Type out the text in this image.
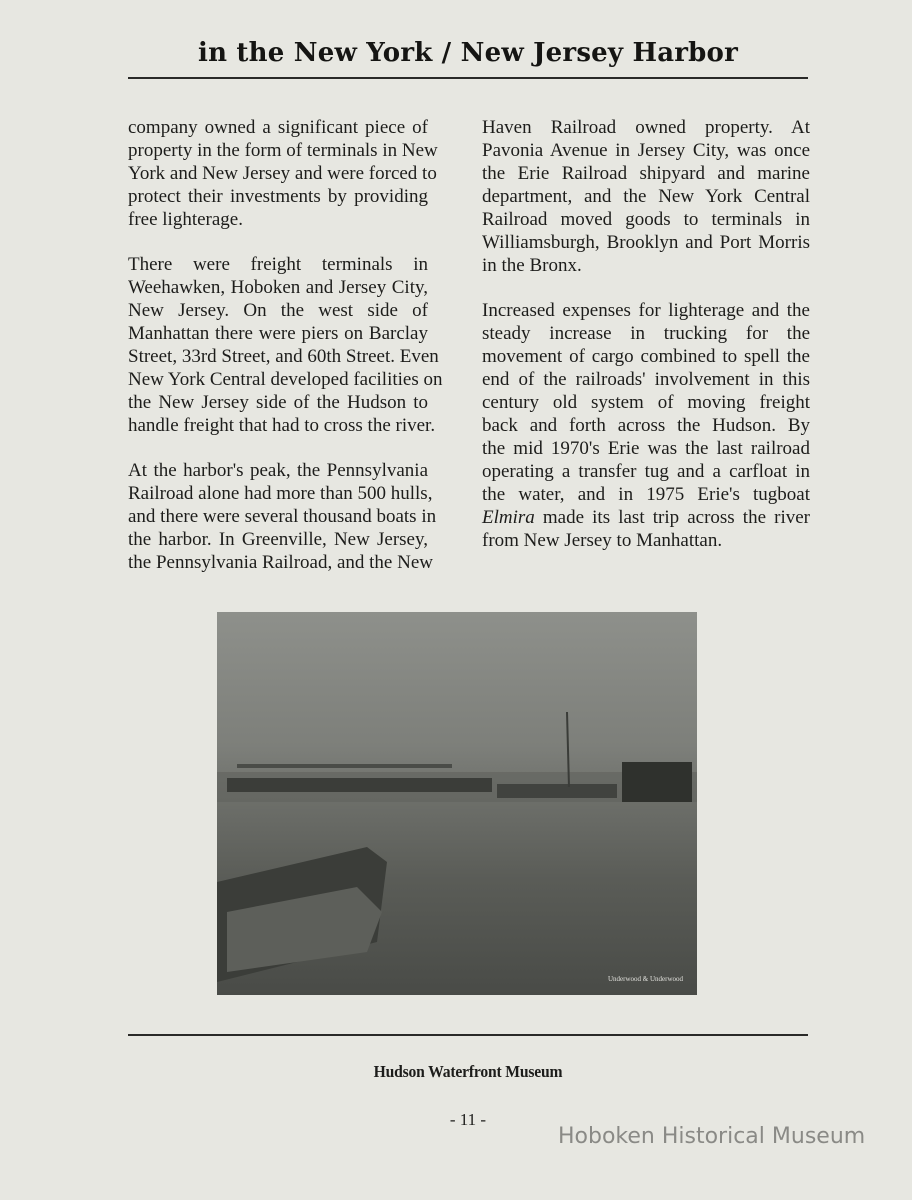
in the New York / New Jersey Harbor
company owned a significant piece of
property in the form of terminals in New
York and New Jersey and were forced to
protect their investments by providing
free lighterage.
There were freight terminals in
Weehawken, Hoboken and Jersey City,
New Jersey. On the west side of
Manhattan there were piers on Barclay
Street, 33rd Street, and 60th Street. Even
New York Central developed facilities on
the New Jersey side of the Hudson to
handle freight that had to cross the river.
At the harbor's peak, the Pennsylvania
Railroad alone had more than 500 hulls,
and there were several thousand boats in
the harbor. In Greenville, New Jersey,
the Pennsylvania Railroad, and the New
Haven Railroad owned property. At
Pavonia Avenue in Jersey City, was once
the Erie Railroad shipyard and marine
department, and the New York Central
Railroad moved goods to terminals in
Williamsburgh, Brooklyn and Port Morris
in the Bronx.
Increased expenses for lighterage and the
steady increase in trucking for the
movement of cargo combined to spell the
end of the railroads' involvement in this
century old system of moving freight
back and forth across the Hudson. By
the mid 1970's Erie was the last railroad
operating a transfer tug and a carfloat in
the water, and in 1975 Erie's tugboat
Elmira made its last trip across the river
from New Jersey to Manhattan.
Underwood & Underwood
Hudson Waterfront Museum
- 11 -
Hoboken Historical Museum
